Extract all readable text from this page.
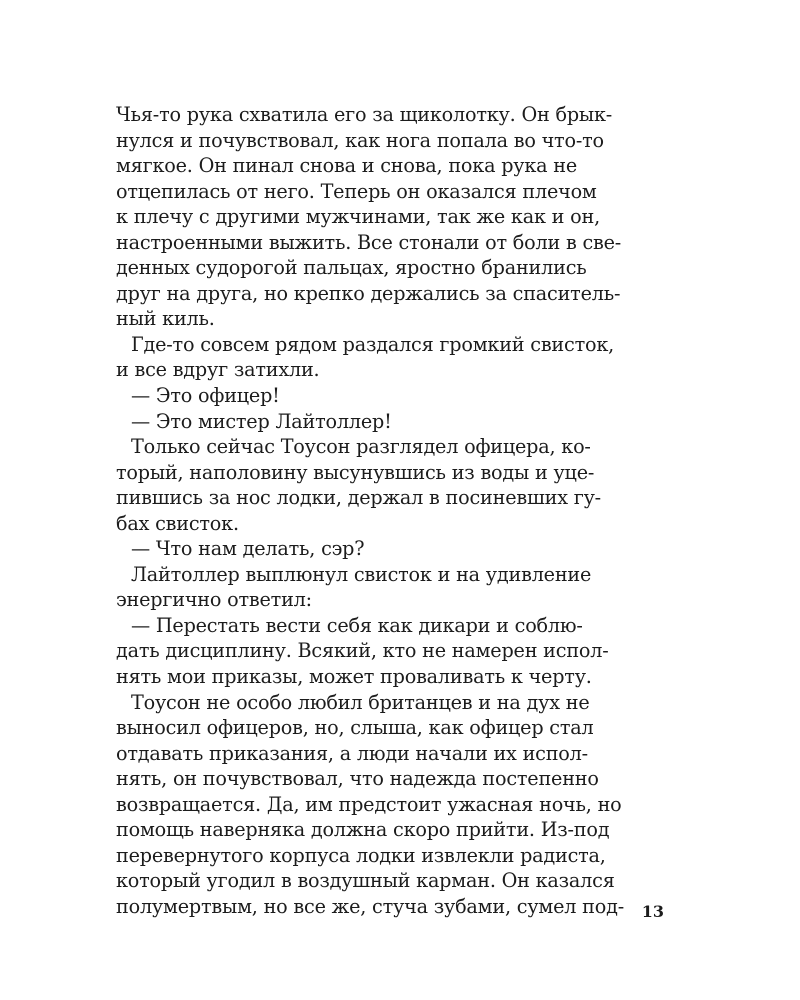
Чья-то рука схватила его за щиколотку. Он брык-
нулся и почувствовал, как нога попала во что-то
мягкое. Он пинал снова и снова, пока рука не
отцепилась от него. Теперь он оказался плечом
к плечу с другими мужчинами, так же как и он,
настроенными выжить. Все стонали от боли в све-
денных судорогой пальцах, яростно бранились
друг на друга, но крепко держались за спаситель-
ный киль.
Где-то совсем рядом раздался громкий свисток,
и все вдруг затихли.
— Это офицер!
— Это мистер Лайтоллер!
Только сейчас Тоусон разглядел офицера, ко-
торый, наполовину высунувшись из воды и уце-
пившись за нос лодки, держал в посиневших гу-
бах свисток.
— Что нам делать, сэр?
Лайтоллер выплюнул свисток и на удивление
энергично ответил:
— Перестать вести себя как дикари и соблю-
дать дисциплину. Всякий, кто не намерен испол-
нять мои приказы, может проваливать к черту.
Тоусон не особо любил британцев и на дух не
выносил офицеров, но, слыша, как офицер стал
отдавать приказания, а люди начали их испол-
нять, он почувствовал, что надежда постепенно
возвращается. Да, им предстоит ужасная ночь, но
помощь наверняка должна скоро прийти. Из-под
перевернутого корпуса лодки извлекли радиста,
который угодил в воздушный карман. Он казался
полумертвым, но все же, стуча зубами, сумел под-	13
